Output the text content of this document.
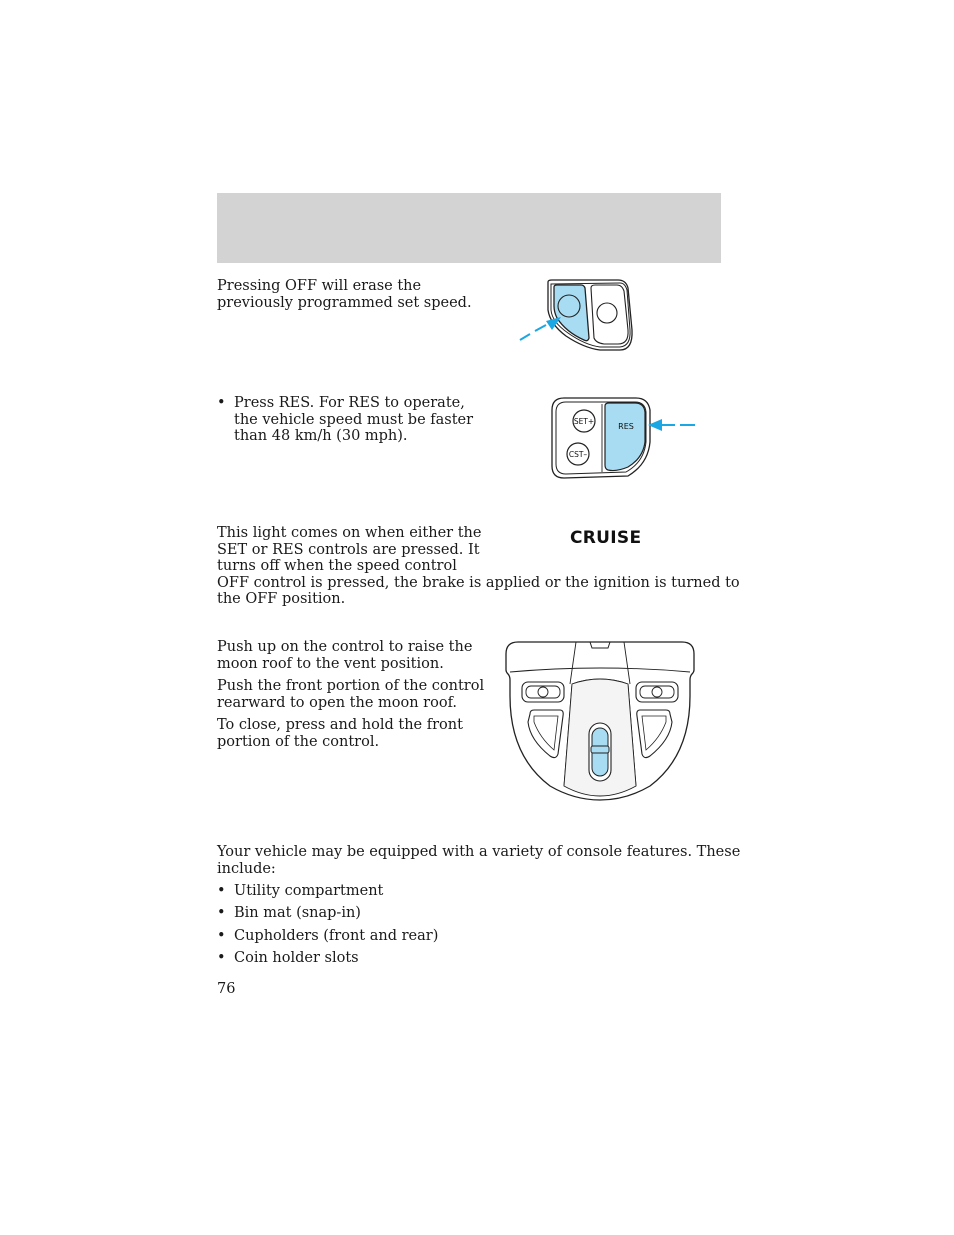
Pressing OFF will erase the
previously programmed set speed.
• Press RES. For RES to operate,
the vehicle speed must be faster
than 48 km/h (30 mph).
SET+
CST–
RES
This light comes on when either the
SET or RES controls are pressed. It
turns off when the speed control
OFF control is pressed, the brake is applied or the ignition is turned to
the OFF position.
CRUISE
Push up on the control to raise the
moon roof to the vent position.
Push the front portion of the control
rearward to open the moon roof.
To close, press and hold the front
portion of the control.
Your vehicle may be equipped with a variety of console features. These
include:
• Utility compartment
• Bin mat (snap-in)
• Cupholders (front and rear)
• Coin holder slots
76
